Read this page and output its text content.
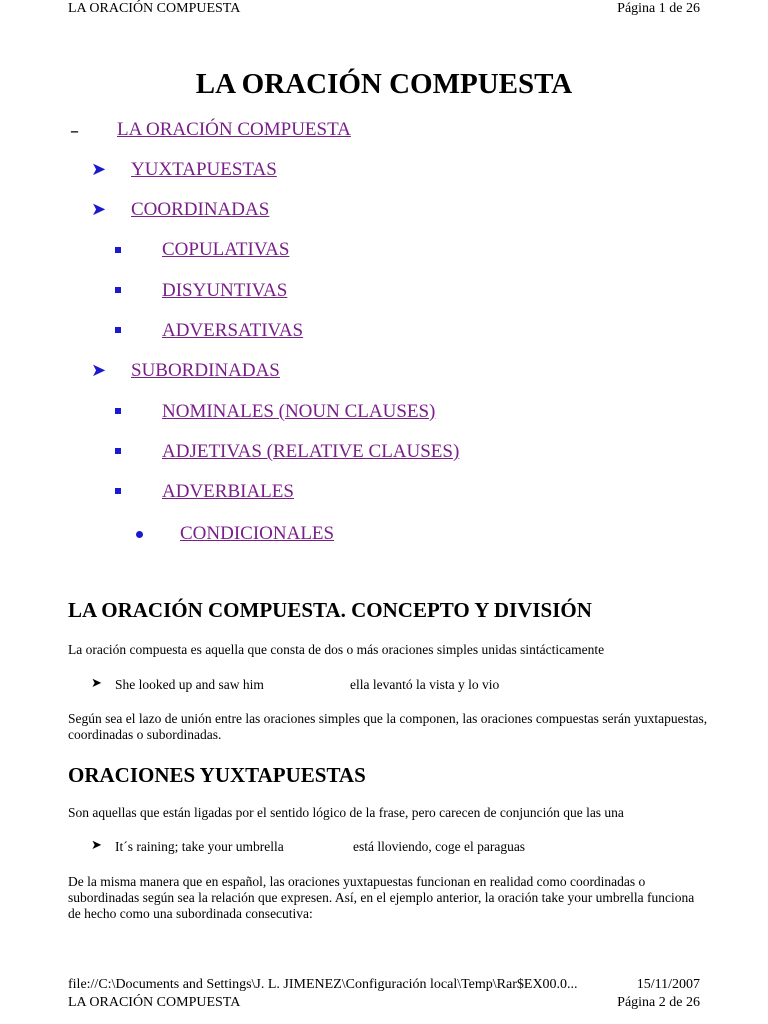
LA ORACIÓN COMPUESTA	Página 1 de 26
LA ORACIÓN COMPUESTA
– LA ORACIÓN COMPUESTA
➤ YUXTAPUESTAS
➤ COORDINADAS
COPULATIVAS
DISYUNTIVAS
ADVERSATIVAS
➤ SUBORDINADAS
NOMINALES (NOUN CLAUSES)
ADJETIVAS (RELATIVE CLAUSES)
ADVERBIALES
CONDICIONALES
LA ORACIÓN COMPUESTA. CONCEPTO Y DIVISIÓN

La oración compuesta es aquella que consta de dos o más oraciones simples unidas sintácticamente

➤ She looked up and saw him	ella levantó la vista y lo vio

Según sea el lazo de unión entre las oraciones simples que la componen, las oraciones compuestas serán yuxtapuestas, coordinadas o subordinadas.

ORACIONES YUXTAPUESTAS

Son aquellas que están ligadas por el sentido lógico de la frase, pero carecen de conjunción que las una

➤ It´s raining; take your umbrella	está lloviendo, coge el paraguas

De la misma manera que en español, las oraciones yuxtapuestas funcionan en realidad como coordinadas o subordinadas según sea la relación que expresen. Así, en el ejemplo anterior, la oración take your umbrella funciona de hecho como una subordinada consecutiva:

file://C:\Documents and Settings\J. L. JIMENEZ\Configuración local\Temp\Rar$EX00.0...	15/11/2007
LA ORACIÓN COMPUESTA	Página 2 de 26
